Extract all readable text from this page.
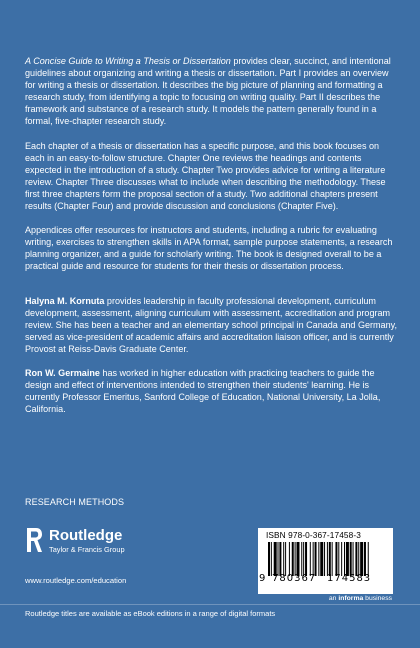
A Concise Guide to Writing a Thesis or Dissertation provides clear, succinct, and intentional guidelines about organizing and writing a thesis or dissertation. Part I provides an overview for writing a thesis or dissertation. It describes the big picture of planning and formatting a research study, from identifying a topic to focusing on writing quality. Part II describes the framework and substance of a research study. It models the pattern generally found in a formal, five-chapter research study.

Each chapter of a thesis or dissertation has a specific purpose, and this book focuses on each in an easy-to-follow structure. Chapter One reviews the headings and contents expected in the introduction of a study. Chapter Two provides advice for writing a literature review. Chapter Three discusses what to include when describing the methodology. These first three chapters form the proposal section of a study. Two additional chapters present results (Chapter Four) and provide discussion and conclusions (Chapter Five).

Appendices offer resources for instructors and students, including a rubric for evaluating writing, exercises to strengthen skills in APA format, sample purpose statements, a research planning organizer, and a guide for scholarly writing. The book is designed overall to be a practical guide and resource for students for their thesis or dissertation process.

Halyna M. Kornuta provides leadership in faculty professional development, curriculum development, assessment, aligning curriculum with assessment, accreditation and program review. She has been a teacher and an elementary school principal in Canada and Germany, served as vice-president of academic affairs and accreditation liaison officer, and is currently Provost at Reiss-Davis Graduate Center.

Ron W. Germaine has worked in higher education with practicing teachers to guide the design and effect of interventions intended to strengthen their students' learning. He is currently Professor Emeritus, Sanford College of Education, National University, La Jolla, California.

RESEARCH METHODS
Routledge
Taylor & Francis Group
www.routledge.com/education
ISBN 978-0-367-17458-3
9 780367 174583
an informa business
Routledge titles are available as eBook editions in a range of digital formats
